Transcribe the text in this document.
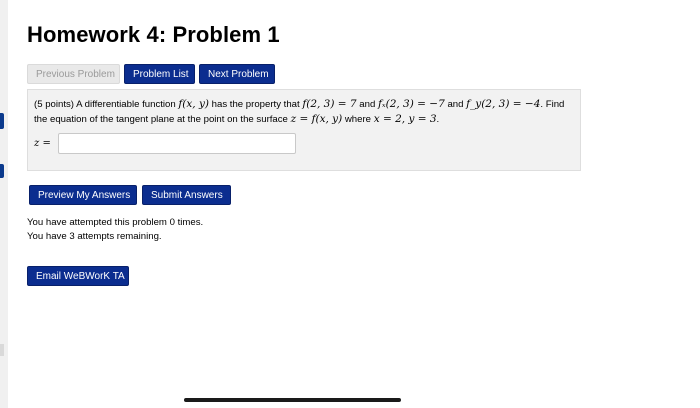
Homework 4: Problem 1
Previous Problem	Problem List	Next Problem
(5 points) A differentiable function f(x, y) has the property that f(2, 3) = 7 and fₓ(2, 3) = −7 and f_y(2, 3) = −4. Find the equation of the tangent plane at the point on the surface z = f(x, y) where x = 2, y = 3.
z =
Preview My Answers	Submit Answers
You have attempted this problem 0 times.
You have 3 attempts remaining.
Email WeBWorK TA
